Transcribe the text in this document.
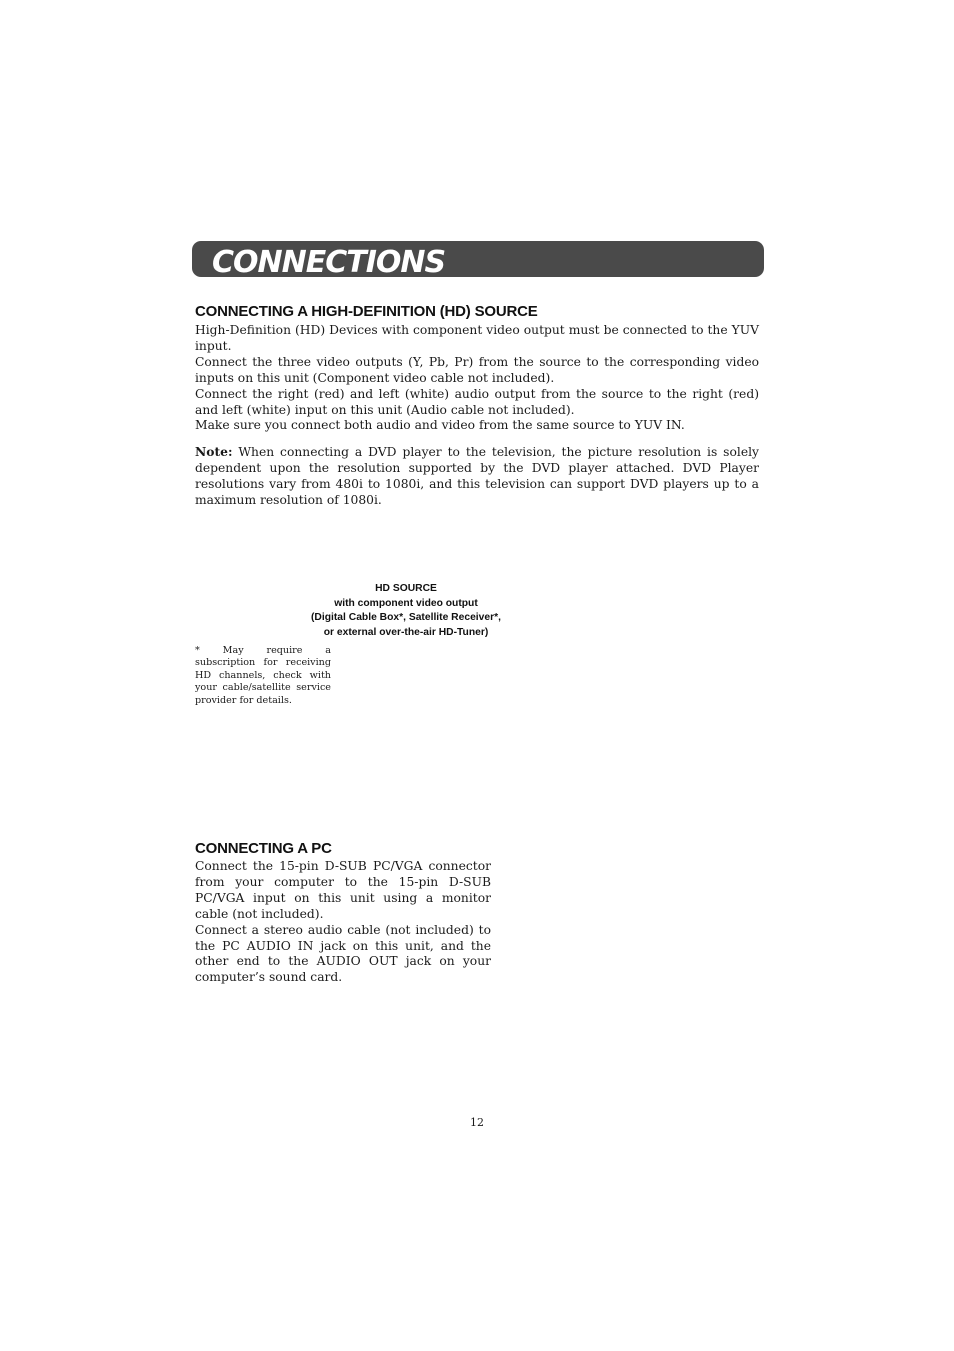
CONNECTIONS
CONNECTING A HIGH-DEFINITION (HD) SOURCE

High-Definition (HD) Devices with component video output must be connected to the YUV input.

Connect the three video outputs (Y, Pb, Pr) from the source to the corresponding video inputs on this unit (Component video cable not included).

Connect the right (red) and left (white) audio output from the source to the right (red) and left (white) input on this unit (Audio cable not included).

Make sure you connect both audio and video from the same source to YUV IN.

Note: When connecting a DVD player to the television, the picture resolution is solely dependent upon the resolution supported by the DVD player attached. DVD Player resolutions vary from 480i to 1080i, and this television can support DVD players up to a maximum resolution of 1080i.

HD SOURCE
with component video output
(Digital Cable Box*, Satellite Receiver*,
or external over-the-air HD-Tuner)

* May require a subscription for receiving HD channels, check with your cable/satellite service provider for details.

CONNECTING A PC

Connect the 15-pin D-SUB PC/VGA connector from your computer to the 15-pin D-SUB PC/VGA input on this unit using a monitor cable (not included).

Connect a stereo audio cable (not included) to the PC AUDIO IN jack on this unit, and the other end to the AUDIO OUT jack on your computer’s sound card.

12
